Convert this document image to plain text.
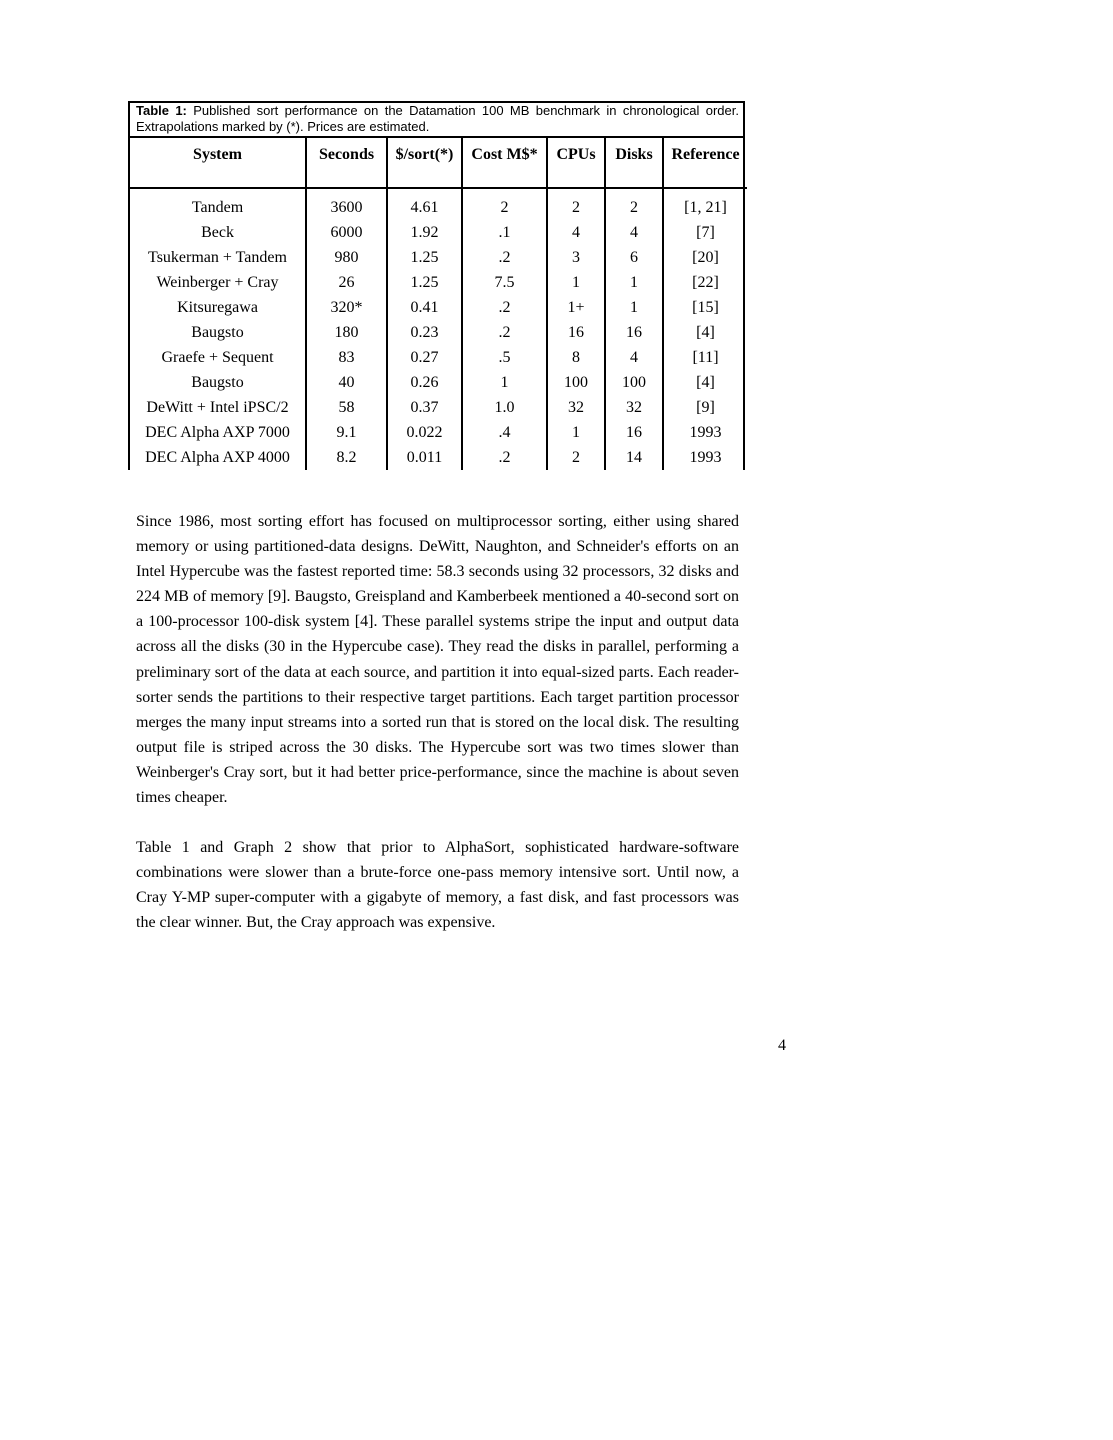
Table 1: Published sort performance on the Datamation 100 MB benchmark in chronological order. Extrapolations marked by (*). Prices are estimated.
System	Seconds	$/sort(*)	Cost M$*	CPUs	Disks	Reference

Tandem	3600	4.61	2	2	2	[1, 21]
Beck	6000	1.92	.1	4	4	[7]
Tsukerman + Tandem	980	1.25	.2	3	6	[20]
Weinberger + Cray	26	1.25	7.5	1	1	[22]
Kitsuregawa	320*	0.41	.2	1+	1	[15]
Baugsto	180	0.23	.2	16	16	[4]
Graefe + Sequent	83	0.27	.5	8	4	[11]
Baugsto	40	0.26	1	100	100	[4]
DeWitt + Intel iPSC/2	58	0.37	1.0	32	32	[9]
DEC Alpha AXP 7000	9.1	0.022	.4	1	16	1993
DEC Alpha AXP 4000	8.2	0.011	.2	2	14	1993

Since 1986, most sorting effort has focused on multiprocessor sorting, either using shared memory or using partitioned-data designs. DeWitt, Naughton, and Schneider's efforts on an Intel Hypercube was the fastest reported time: 58.3 seconds using 32 processors, 32 disks and 224 MB of memory [9]. Baugsto, Greispland and Kamberbeek mentioned a 40-second sort on a 100-processor 100-disk system [4]. These parallel systems stripe the input and output data across all the disks (30 in the Hypercube case). They read the disks in parallel, performing a preliminary sort of the data at each source, and partition it into equal-sized parts. Each reader-sorter sends the partitions to their respective target partitions. Each target partition processor merges the many input streams into a sorted run that is stored on the local disk. The resulting output file is striped across the 30 disks. The Hypercube sort was two times slower than Weinberger's Cray sort, but it had better price-performance, since the machine is about seven times cheaper.

Table 1 and Graph 2 show that prior to AlphaSort, sophisticated hardware-software combinations were slower than a brute-force one-pass memory intensive sort. Until now, a Cray Y-MP super-computer with a gigabyte of memory, a fast disk, and fast processors was the clear winner. But, the Cray approach was expensive.

4
